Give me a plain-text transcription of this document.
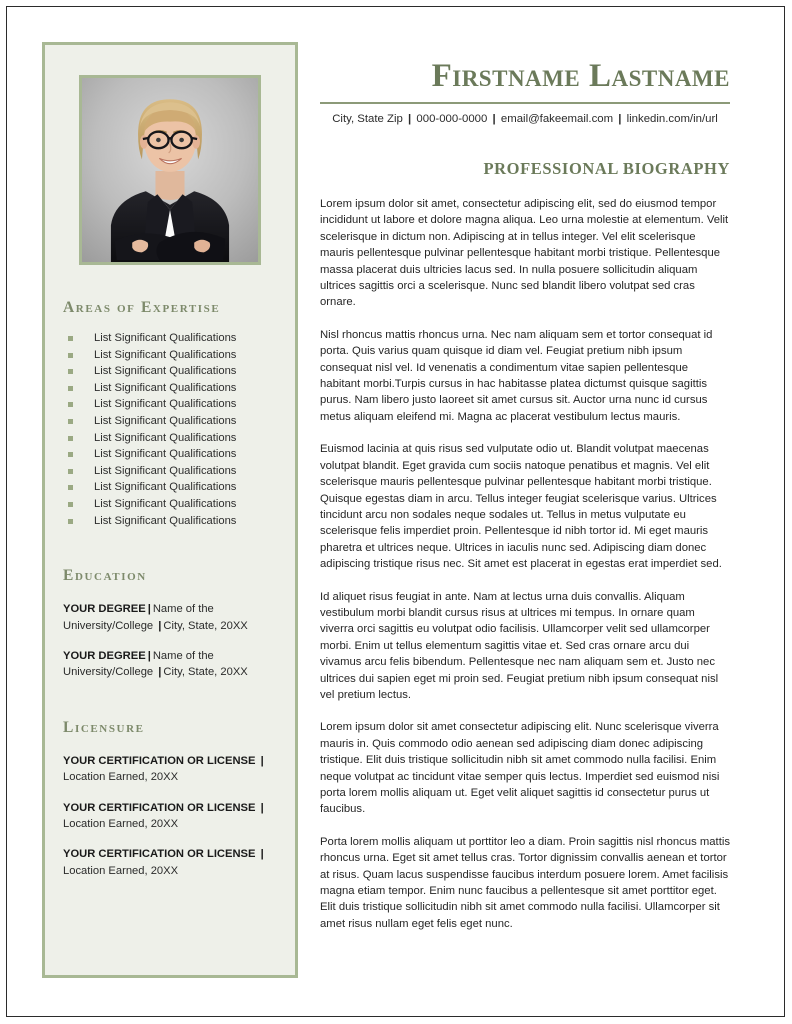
Areas of Expertise
List Significant Qualifications
List Significant Qualifications
List Significant Qualifications
List Significant Qualifications
List Significant Qualifications
List Significant Qualifications
List Significant Qualifications
List Significant Qualifications
List Significant Qualifications
List Significant Qualifications
List Significant Qualifications
List Significant Qualifications
Education
YOUR DEGREE | Name of the University/College | City, State, 20XX
YOUR DEGREE | Name of the University/College | City, State, 20XX
Licensure
YOUR CERTIFICATION OR LICENSE |
Location Earned, 20XX
YOUR CERTIFICATION OR LICENSE |
Location Earned, 20XX
YOUR CERTIFICATION OR LICENSE |
Location Earned, 20XX
Firstname Lastname
City, State Zip | 000-000-0000 | email@fakeemail.com | linkedin.com/in/url
PROFESSIONAL BIOGRAPHY

Lorem ipsum dolor sit amet, consectetur adipiscing elit, sed do eiusmod tempor incididunt ut labore et dolore magna aliqua. Leo urna molestie at elementum. Velit scelerisque in dictum non. Adipiscing at in tellus integer. Vel elit scelerisque mauris pellentesque pulvinar pellentesque habitant morbi tristique. Pellentesque massa placerat duis ultricies lacus sed. In nulla posuere sollicitudin aliquam ultrices sagittis orci a scelerisque. Nunc sed blandit libero volutpat sed cras ornare.

Nisl rhoncus mattis rhoncus urna. Nec nam aliquam sem et tortor consequat id porta. Quis varius quam quisque id diam vel. Feugiat pretium nibh ipsum consequat nisl vel. Id venenatis a condimentum vitae sapien pellentesque habitant morbi.Turpis cursus in hac habitasse platea dictumst quisque sagittis purus. Nam libero justo laoreet sit amet cursus sit. Auctor urna nunc id cursus metus aliquam eleifend mi. Magna ac placerat vestibulum lectus mauris.

Euismod lacinia at quis risus sed vulputate odio ut. Blandit volutpat maecenas volutpat blandit. Eget gravida cum sociis natoque penatibus et magnis. Vel elit scelerisque mauris pellentesque pulvinar pellentesque habitant morbi tristique. Quisque egestas diam in arcu. Tellus integer feugiat scelerisque varius. Ultrices tincidunt arcu non sodales neque sodales ut. Tellus in metus vulputate eu scelerisque felis imperdiet proin. Pellentesque id nibh tortor id. Mi eget mauris pharetra et ultrices neque. Ultrices in iaculis nunc sed. Adipiscing diam donec adipiscing tristique risus nec. Sit amet est placerat in egestas erat imperdiet sed.

Id aliquet risus feugiat in ante. Nam at lectus urna duis convallis. Aliquam vestibulum morbi blandit cursus risus at ultrices mi tempus. In ornare quam viverra orci sagittis eu volutpat odio facilisis. Ullamcorper velit sed ullamcorper morbi. Enim ut tellus elementum sagittis vitae et. Sed cras ornare arcu dui vivamus arcu felis bibendum. Pellentesque nec nam aliquam sem et. Justo nec ultrices dui sapien eget mi proin sed. Feugiat pretium nibh ipsum consequat nisl vel pretium lectus.

Lorem ipsum dolor sit amet consectetur adipiscing elit. Nunc scelerisque viverra mauris in. Quis commodo odio aenean sed adipiscing diam donec adipiscing tristique. Elit duis tristique sollicitudin nibh sit amet commodo nulla facilisi. Enim neque volutpat ac tincidunt vitae semper quis lectus. Imperdiet sed euismod nisi porta lorem mollis aliquam ut. Eget velit aliquet sagittis id consectetur purus ut faucibus.

Porta lorem mollis aliquam ut porttitor leo a diam. Proin sagittis nisl rhoncus mattis rhoncus urna. Eget sit amet tellus cras. Tortor dignissim convallis aenean et tortor at risus. Quam lacus suspendisse faucibus interdum posuere lorem. Amet facilisis magna etiam tempor. Enim nunc faucibus a pellentesque sit amet porttitor eget. Elit duis tristique sollicitudin nibh sit amet commodo nulla facilisi. Ullamcorper sit amet risus nullam eget felis eget nunc.
